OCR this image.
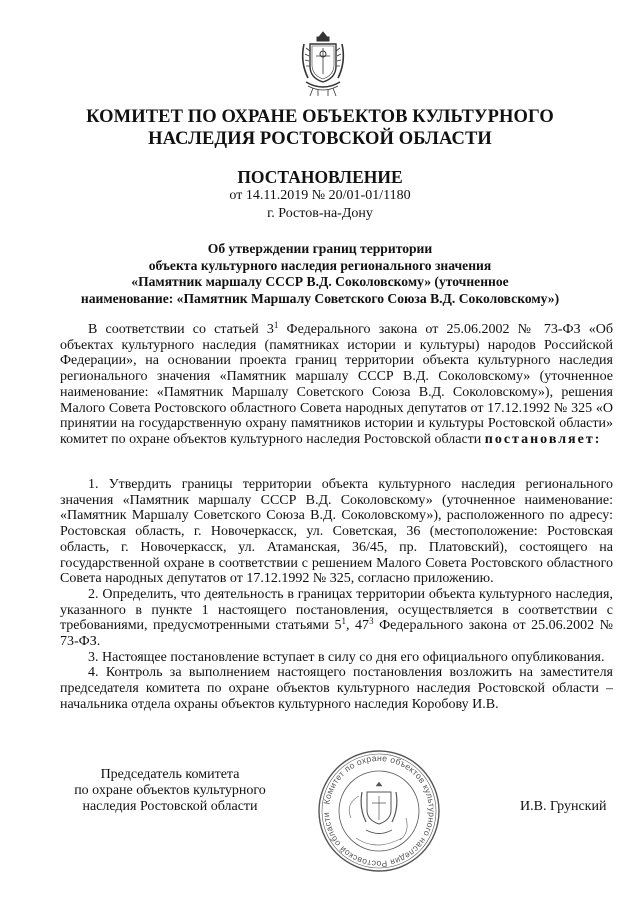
КОМИТЕТ ПО ОХРАНЕ ОБЪЕКТОВ КУЛЬТУРНОГО
НАСЛЕДИЯ РОСТОВСКОЙ ОБЛАСТИ
ПОСТАНОВЛЕНИЕ
от 14.11.2019 № 20/01-01/1180
г. Ростов-на-Дону
Об утверждении границ территории
объекта культурного наследия регионального значения
«Памятник маршалу СССР В.Д. Соколовскому» (уточненное
наименование: «Памятник Маршалу Советского Союза В.Д. Соколовскому»)

В соответствии со статьей $3^1$ Федерального закона от 25.06.2002 № 73-ФЗ «Об объектах культурного наследия (памятниках истории и культуры) народов Российской Федерации», на основании проекта границ территории объекта культурного наследия регионального значения «Памятник маршалу СССР В.Д. Соколовскому» (уточненное наименование: «Памятник Маршалу Советского Союза В.Д. Соколовскому»), решения Малого Совета Ростовского областного Совета народных депутатов от 17.12.1992 № 325 «О принятии на государственную охрану памятников истории и культуры Ростовской области» комитет по охране объектов культурного наследия Ростовской области постановляет:

1. Утвердить границы территории объекта культурного наследия регионального значения «Памятник маршалу СССР В.Д. Соколовскому» (уточненное наименование: «Памятник Маршалу Советского Союза В.Д. Соколовскому»), расположенного по адресу: Ростовская область, г. Новочеркасск, ул. Советская, 36 (местоположение: Ростовская область, г. Новочеркасск, ул. Атаманская, 36/45, пр. Платовский), состоящего на государственной охране в соответствии с решением Малого Совета Ростовского областного Совета народных депутатов от 17.12.1992 № 325, согласно приложению.

2. Определить, что деятельность в границах территории объекта культурного наследия, указанного в пункте 1 настоящего постановления, осуществляется в соответствии с требованиями, предусмотренными статьями $5^1$, $47^3$ Федерального закона от 25.06.2002 № 73-ФЗ.

3. Настоящее постановление вступает в силу со дня его официального опубликования.

4. Контроль за выполнением настоящего постановления возложить на заместителя председателя комитета по охране объектов культурного наследия Ростовской области – начальника отдела охраны объектов культурного наследия Коробову И.В.

Председатель комитета
по охране объектов культурного
наследия Ростовской области	Комитет по охране объектов культурного наследия Ростовской области
И.В. Грунский
